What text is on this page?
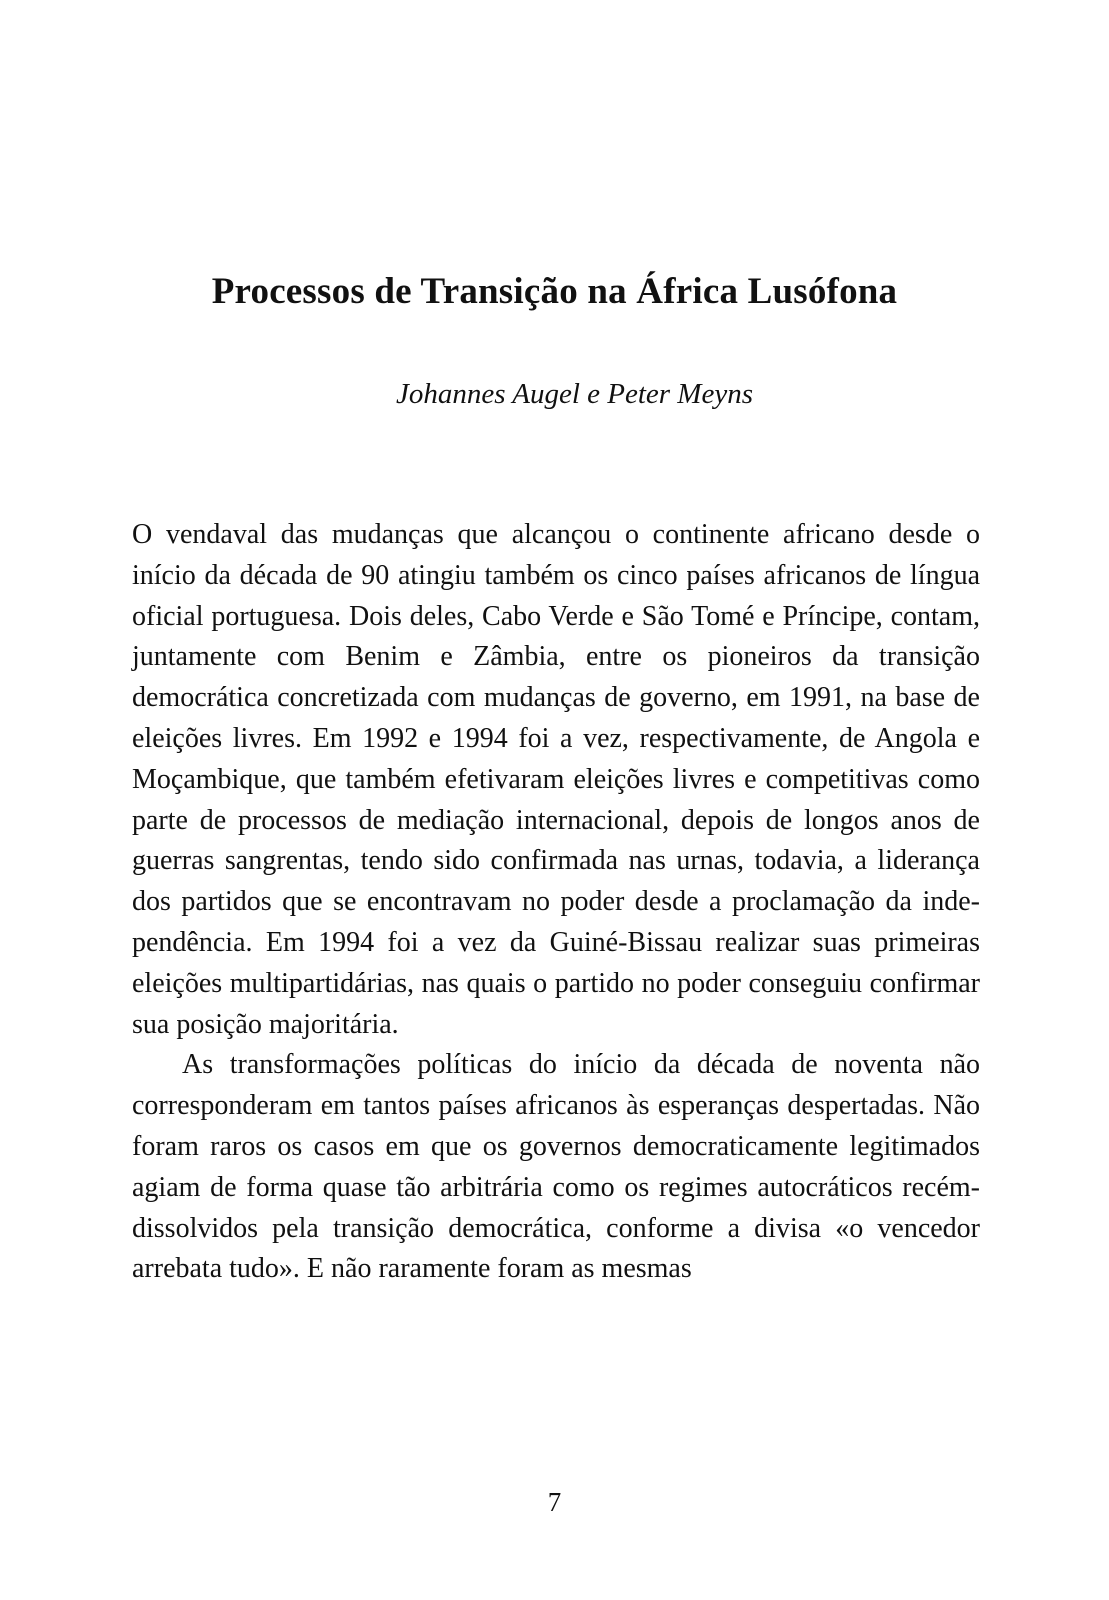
Processos de Transição na África Lusófona
Johannes Augel e Peter Meyns

O vendaval das mudanças que alcançou o continente africano desde o início da década de 90 atingiu também os cinco países africanos de língua oficial portuguesa. Dois deles, Cabo Verde e São Tomé e Príncipe, contam, juntamente com Benim e Zâmbia, entre os pioneiros da transição democrática concretizada com mudanças de governo, em 1991, na base de eleições livres. Em 1992 e 1994 foi a vez, respectivamente, de Angola e Moçambique, que também efetivaram eleições livres e competitivas como parte de processos de mediação internacional, depois de longos anos de guerras sangrentas, tendo sido confirmada nas urnas, todavia, a liderança dos partidos que se encontravam no poder desde a proclamação da independência. Em 1994 foi a vez da Guiné-Bissau realizar suas primeiras eleições multipartidárias, nas quais o partido no poder conseguiu confirmar sua posição majoritária.

As transformações políticas do início da década de noventa não corresponderam em tantos países africanos às esperanças despertadas. Não foram raros os casos em que os governos democraticamente legitimados agiam de forma quase tão arbitrária como os regimes autocráticos recém-dissolvidos pela transição democrática, conforme a divisa «o vencedor arrebata tudo». E não raramente foram as mesmas

7
